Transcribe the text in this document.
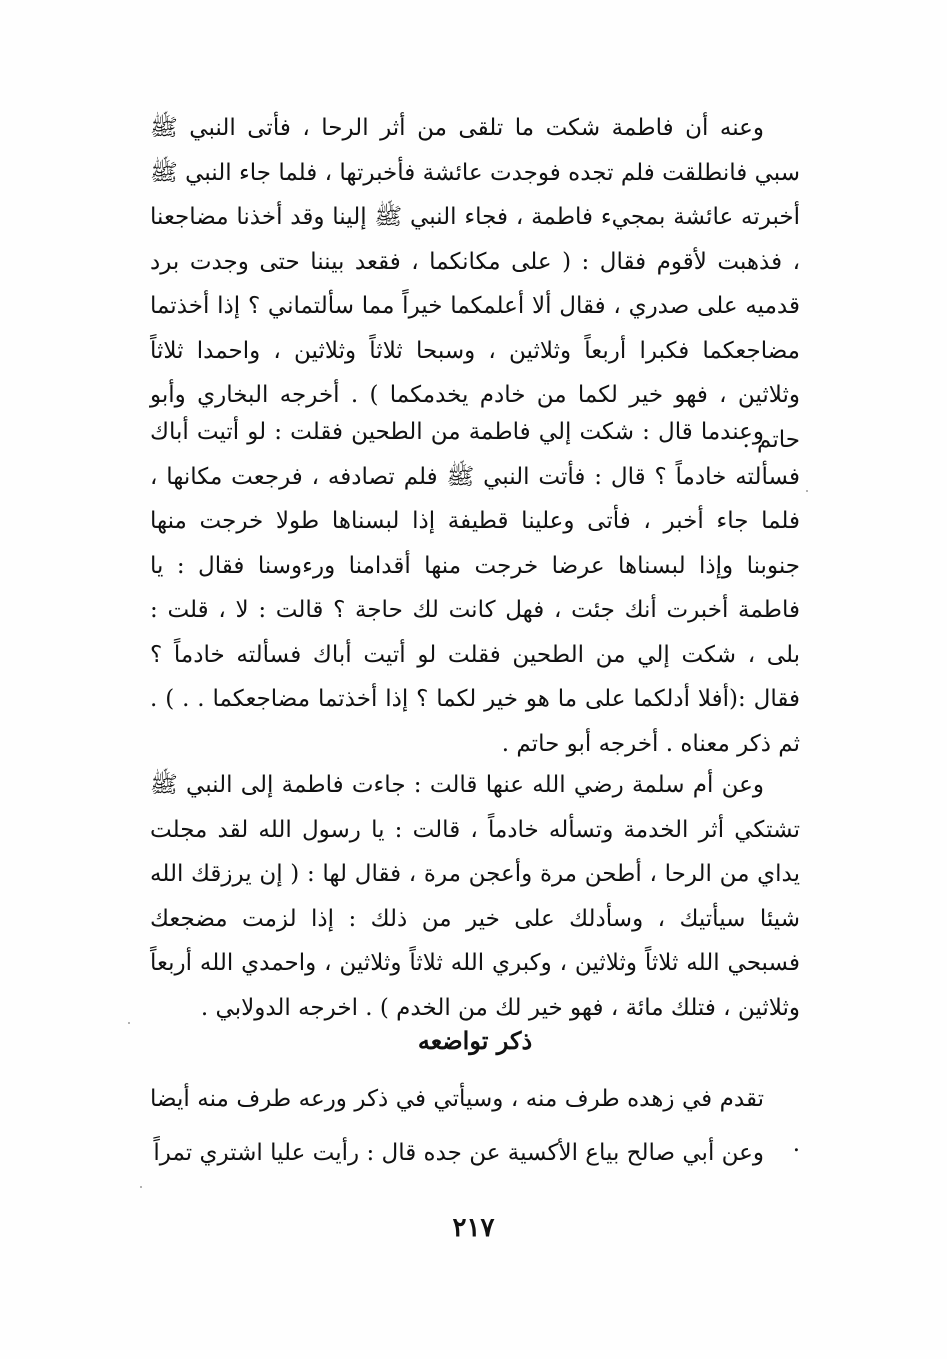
وعنه أن فاطمة شكت ما تلقى من أثر الرحا ، فأتى النبي ﷺ سبي فانطلقت فلم تجده فوجدت عائشة فأخبرتها ، فلما جاء النبي ﷺ أخبرته عائشة بمجيء فاطمة ، فجاء النبي ﷺ إلينا وقد أخذنا مضاجعنا ، فذهبت لأقوم فقال : ( على مكانكما ، فقعد بيننا حتى وجدت برد قدميه على صدري ، فقال ألا أعلمكما خيراً مما سألتماني ؟ إذا أخذتما مضاجعكما فكبرا أربعاً وثلاثين ، وسبحا ثلاثاً وثلاثين ، واحمدا ثلاثاً وثلاثين ، فهو خير لكما من خادم يخدمكما ) . أخرجه البخاري وأبو حاتم .

وعندما قال : شكت إلي فاطمة من الطحين فقلت : لو أتيت أباك فسألته خادماً ؟ قال : فأتت النبي ﷺ فلم تصادفه ، فرجعت مكانها ، فلما جاء أخبر ، فأتى وعلينا قطيفة إذا لبسناها طولا خرجت منها جنوبنا وإذا لبسناها عرضا خرجت منها أقدامنا ورءوسنا فقال : يا فاطمة أخبرت أنك جئت ، فهل كانت لك حاجة ؟ قالت : لا ، قلت : بلى ، شكت إلي من الطحين فقلت لو أتيت أباك فسألته خادماً ؟ فقال :(أفلا أدلكما على ما هو خير لكما ؟ إذا أخذتما مضاجعكما . . ) . ثم ذكر معناه . أخرجه أبو حاتم .

وعن أم سلمة رضي الله عنها قالت : جاءت فاطمة إلى النبي ﷺ تشتكي أثر الخدمة وتسأله خادماً ، قالت : يا رسول الله لقد مجلت يداي من الرحا ، أطحن مرة وأعجن مرة ، فقال لها : ( إن يرزقك الله شيئا سيأتيك ، وسأدلك على خير من ذلك : إذا لزمت مضجعك فسبحي الله ثلاثاً وثلاثين ، وكبري الله ثلاثاً وثلاثين ، واحمدي الله أربعاً وثلاثين ، فتلك مائة ، فهو خير لك من الخدم ) . اخرجه الدولابي .

ذكر تواضعه

تقدم في زهده طرف منه ، وسيأتي في ذكر ورعه طرف منه أيضا .

وعن أبي صالح بياع الأكسية عن جده قال : رأيت عليا اشتري تمراً

٢١٧
